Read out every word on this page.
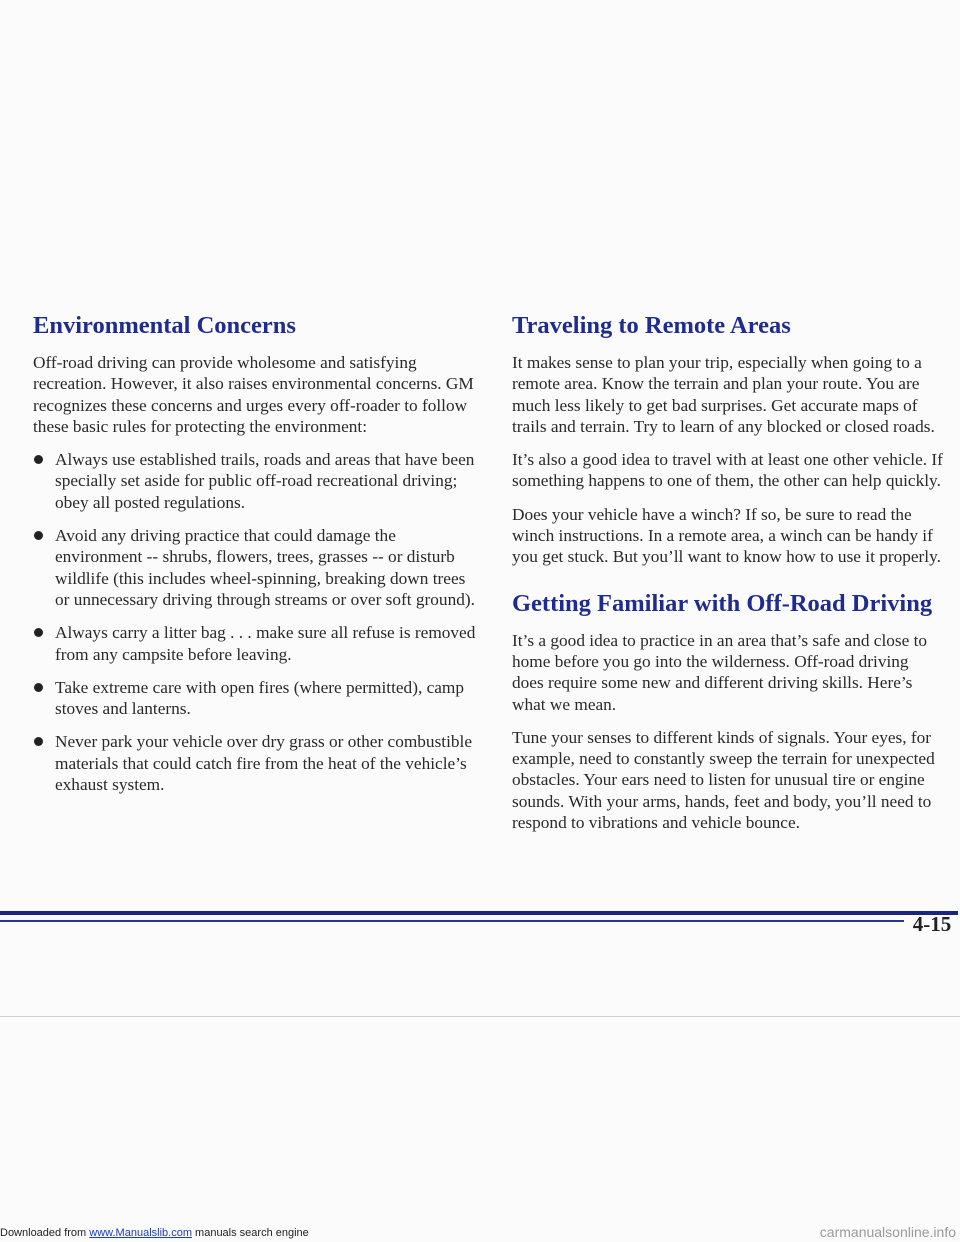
Environmental Concerns

Off-road driving can provide wholesome and satisfying recreation. However, it also raises environmental concerns. GM recognizes these concerns and urges every off-roader to follow these basic rules for protecting the environment:

Always use established trails, roads and areas that have been specially set aside for public off-road recreational driving; obey all posted regulations.
Avoid any driving practice that could damage the environment -- shrubs, flowers, trees, grasses -- or disturb wildlife (this includes wheel-spinning, breaking down trees or unnecessary driving through streams or over soft ground).
Always carry a litter bag . . . make sure all refuse is removed from any campsite before leaving.
Take extreme care with open fires (where permitted), camp stoves and lanterns.
Never park your vehicle over dry grass or other combustible materials that could catch fire from the heat of the vehicle’s exhaust system.
Traveling to Remote Areas

It makes sense to plan your trip, especially when going to a remote area. Know the terrain and plan your route. You are much less likely to get bad surprises. Get accurate maps of trails and terrain. Try to learn of any blocked or closed roads.

It’s also a good idea to travel with at least one other vehicle. If something happens to one of them, the other can help quickly.

Does your vehicle have a winch? If so, be sure to read the winch instructions. In a remote area, a winch can be handy if you get stuck. But you’ll want to know how to use it properly.

Getting Familiar with Off-Road Driving

It’s a good idea to practice in an area that’s safe and close to home before you go into the wilderness. Off-road driving does require some new and different driving skills. Here’s what we mean.

Tune your senses to different kinds of signals. Your eyes, for example, need to constantly sweep the terrain for unexpected obstacles. Your ears need to listen for unusual tire or engine sounds. With your arms, hands, feet and body, you’ll need to respond to vibrations and vehicle bounce.

4-15
Downloaded from www.Manualslib.com manuals search engine	carmanualsonline.info
